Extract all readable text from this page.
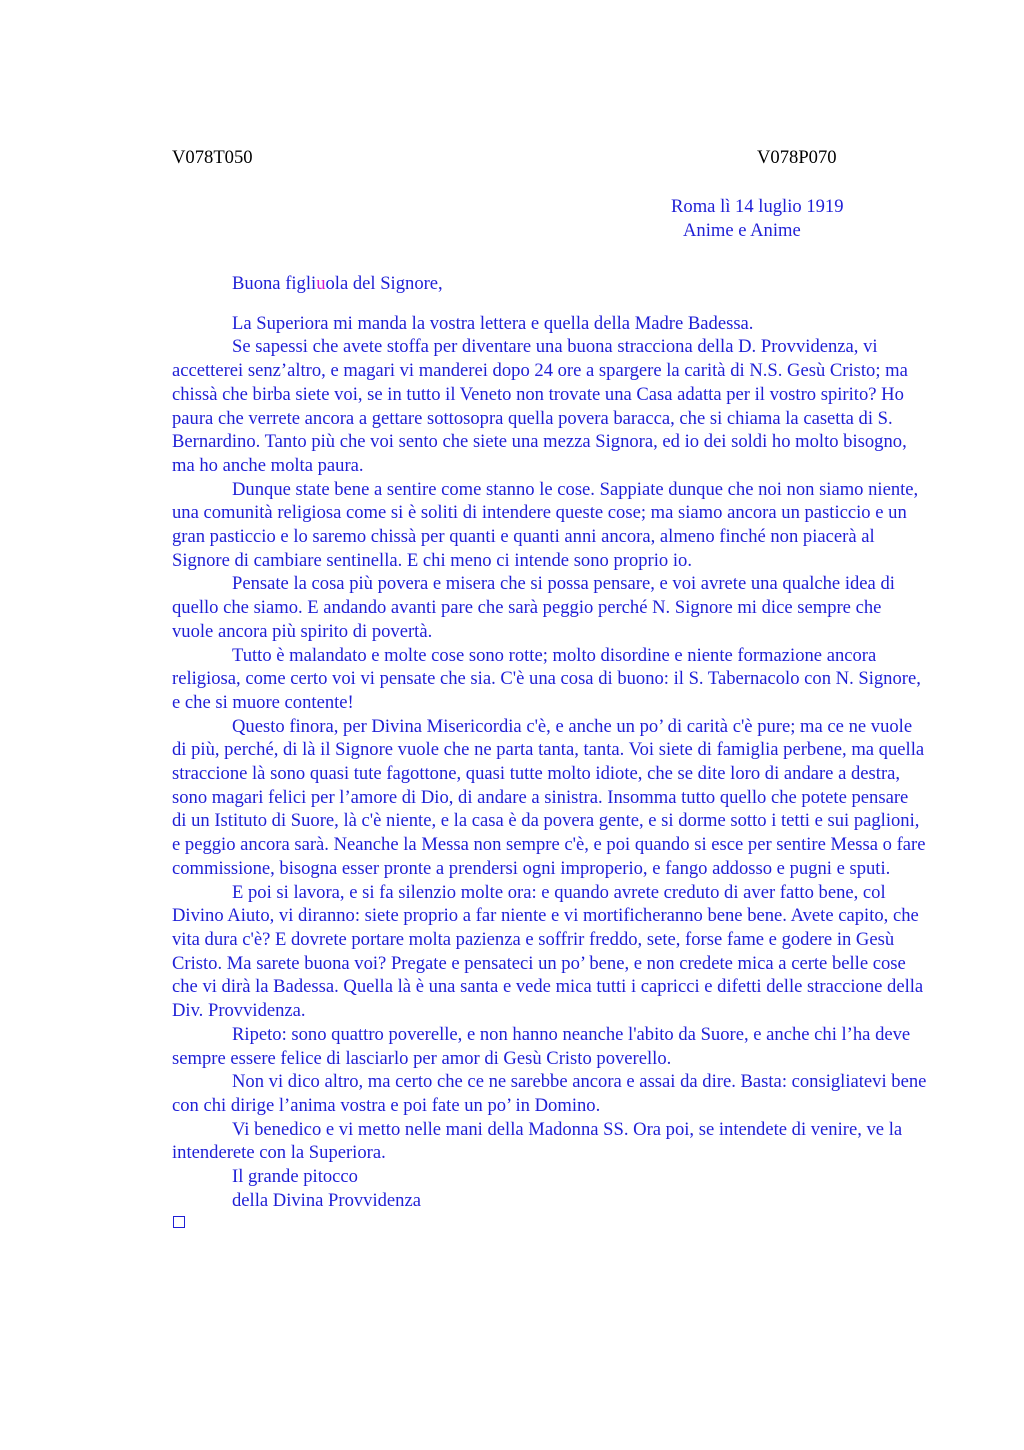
V078T050	V078P070
Roma lì 14 luglio 1919
Anime e Anime

Buona figliuola del Signore,

La Superiora mi manda la vostra lettera e quella della Madre Badessa.

Se sapessi che avete stoffa per diventare una buona stracciona della D. Provvidenza, vi accetterei senz’altro, e magari vi manderei dopo 24 ore a spargere la carità di N.S. Gesù Cristo; ma chissà che birba siete voi, se in tutto il Veneto non trovate una Casa adatta per il vostro spirito? Ho paura che verrete ancora a gettare sottosopra quella povera baracca, che si chiama la casetta di S. Bernardino. Tanto più che voi sento che siete una mezza Signora, ed io dei soldi ho molto bisogno, ma ho anche molta paura.

Dunque state bene a sentire come stanno le cose. Sappiate dunque che noi non siamo niente, una comunità religiosa come si è soliti di intendere queste cose; ma siamo ancora un pasticcio e un gran pasticcio e lo saremo chissà per quanti e quanti anni ancora, almeno finché non piacerà al Signore di cambiare sentinella. E chi meno ci intende sono proprio io.

Pensate la cosa più povera e misera che si possa pensare, e voi avrete una qualche idea di quello che siamo. E andando avanti pare che sarà peggio perché N. Signore mi dice sempre che vuole ancora più spirito di povertà.

Tutto è malandato e molte cose sono rotte; molto disordine e niente formazione ancora religiosa, come certo voi vi pensate che sia. C'è una cosa di buono: il S. Tabernacolo con N. Signore, e che si muore contente!

Questo finora, per Divina Misericordia c'è, e anche un po’ di carità c'è pure; ma ce ne vuole di più, perché, di là il Signore vuole che ne parta tanta, tanta. Voi siete di famiglia perbene, ma quella straccione là sono quasi tute fagottone, quasi tutte molto idiote, che se dite loro di andare a destra, sono magari felici per l’amore di Dio, di andare a sinistra. Insomma tutto quello che potete pensare di un Istituto di Suore, là c'è niente, e la casa è da povera gente, e si dorme sotto i tetti e sui paglioni, e peggio ancora sarà. Neanche la Messa non sempre c'è, e poi quando si esce per sentire Messa o fare commissione, bisogna esser pronte a prendersi ogni improperio, e fango addosso e pugni e sputi.

E poi si lavora, e si fa silenzio molte ora: e quando avrete creduto di aver fatto bene, col Divino Aiuto, vi diranno: siete proprio a far niente e vi mortificheranno bene bene. Avete capito, che vita dura c'è? E dovrete portare molta pazienza e soffrir freddo, sete, forse fame e godere in Gesù Cristo. Ma sarete buona voi? Pregate e pensateci un po’ bene, e non credete mica a certe belle cose che vi dirà la Badessa. Quella là è una santa e vede mica tutti i capricci e difetti delle straccione della Div. Provvidenza.

Ripeto: sono quattro poverelle, e non hanno neanche l'abito da Suore, e anche chi l’ha deve sempre essere felice di lasciarlo per amor di Gesù Cristo poverello.

Non vi dico altro, ma certo che ce ne sarebbe ancora e assai da dire. Basta: consigliatevi bene con chi dirige l’anima vostra e poi fate un po’ in Domino.

Vi benedico e vi metto nelle mani della Madonna SS. Ora poi, se intendete di venire, ve la intenderete con la Superiora.

Il grande pitocco

della Divina Provvidenza
